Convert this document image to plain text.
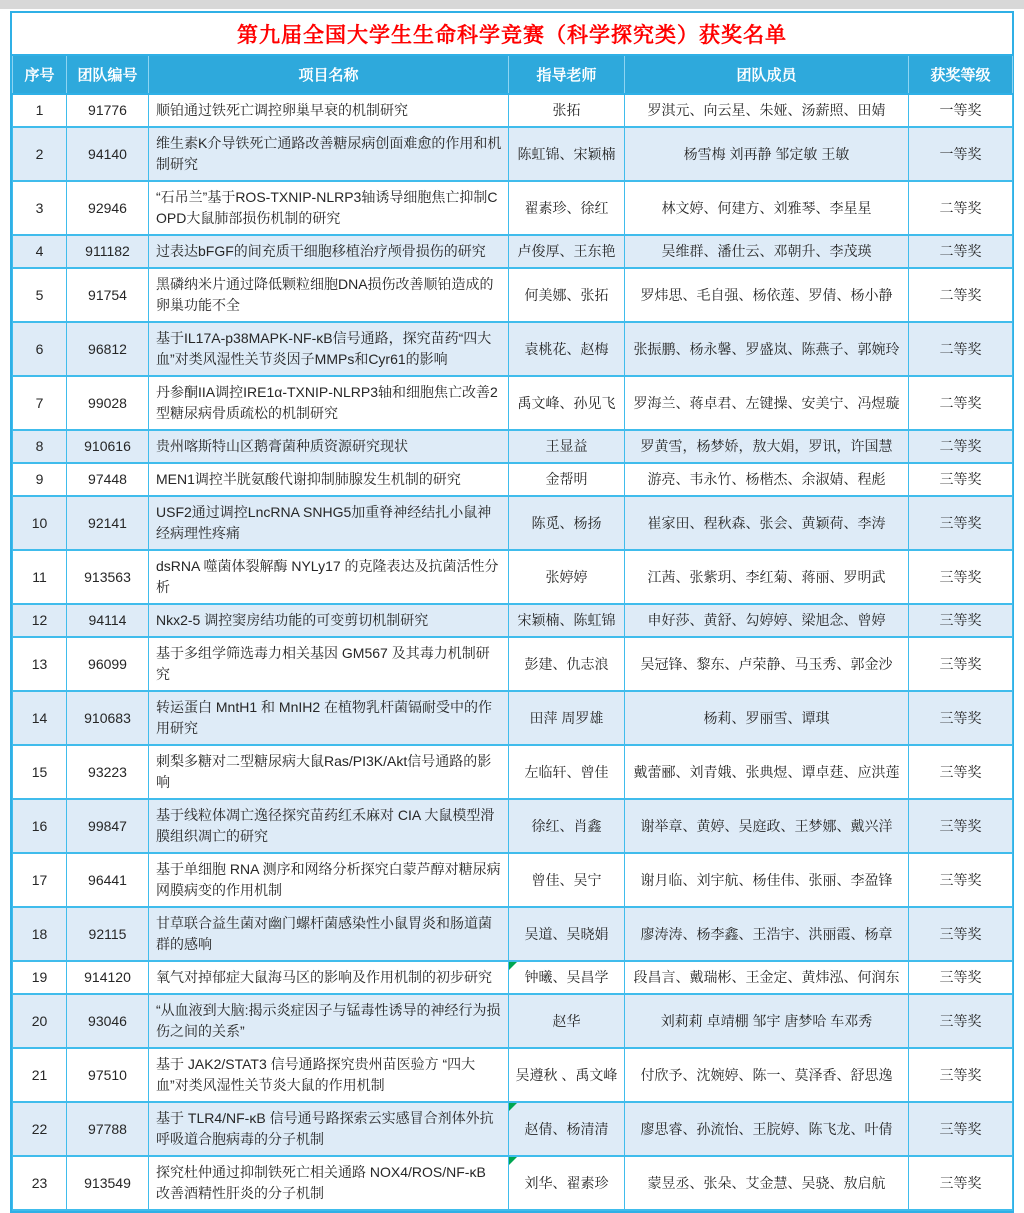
第九届全国大学生生命科学竞赛（科学探究类）获奖名单
序号	团队编号	项目名称	指导老师	团队成员	获奖等级
1	91776	顺铂通过铁死亡调控卵巢早衰的机制研究	张拓	罗淇元、向云星、朱娅、汤薪照、田婧	一等奖
2	94140	维生素K介导铁死亡通路改善糖尿病创面难愈的作用和机制研究	陈虹锦、宋颖楠	杨雪梅 刘再静 邹定敏 王敏	一等奖
3	92946	“石吊兰”基于ROS-TXNIP-NLRP3轴诱导细胞焦亡抑制COPD大鼠肺部损伤机制的研究	翟素珍、徐红	林文婷、何建方、刘雅琴、李星星	二等奖
4	911182	过表达bFGF的间充质干细胞移植治疗颅骨损伤的研究	卢俊厚、王东艳	吴维群、潘仕云、邓朝升、李茂瑛	二等奖
5	91754	黑磷纳米片通过降低颗粒细胞DNA损伤改善顺铂造成的卵巢功能不全	何美娜、张拓	罗炜思、毛自强、杨依莲、罗倩、杨小静	二等奖
6	96812	基于IL17A-p38MAPK-NF-κB信号通路，探究苗药“四大血”对类风湿性关节炎因子MMPs和Cyr61的影响	袁桃花、赵梅	张振鹏、杨永馨、罗盛岚、陈燕子、郭婉玲	二等奖
7	99028	丹参酮IIA调控IRE1α-TXNIP-NLRP3轴和细胞焦亡改善2型糖尿病骨质疏松的机制研究	禹文峰、孙见飞	罗海兰、蒋卓君、左键操、安美宁、冯煜璇	二等奖
8	910616	贵州喀斯特山区鹅膏菌种质资源研究现状	王显益	罗黄雪，杨梦娇，敖大娟，罗讯，许国慧	二等奖
9	97448	MEN1调控半胱氨酸代谢抑制肺腺发生机制的研究	金帮明	游亮、韦永竹、杨楷杰、余淑婧、程彪	三等奖
10	92141	USF2通过调控LncRNA SNHG5加重脊神经结扎小鼠神经病理性疼痛	陈觅、杨扬	崔家田、程秋森、张会、黄颖荷、李涛	三等奖
11	913563	dsRNA 噬菌体裂解酶 NYLy17 的克隆表达及抗菌活性分析	张婷婷	江茜、张紫玥、李红菊、蒋丽、罗明武	三等奖
12	94114	Nkx2-5 调控窦房结功能的可变剪切机制研究	宋颖楠、陈虹锦	申好莎、黄舒、勾婷婷、梁旭念、曾婷	三等奖
13	96099	基于多组学筛选毒力相关基因 GM567 及其毒力机制研究	彭建、仇志浪	吴冠锋、黎东、卢荣静、马玉秀、郭金沙	三等奖
14	910683	转运蛋白 MntH1 和 MnIH2 在植物乳杆菌镉耐受中的作用研究	田萍 周罗雄	杨莉、罗丽雪、谭琪	三等奖
15	93223	刺梨多糖对二型糖尿病大鼠Ras/PI3K/Akt信号通路的影响	左临轩、曾佳	戴蕾郦、刘青娥、张典煜、谭卓莛、应洪莲	三等奖
16	99847	基于线粒体凋亡逸径探究苗药红禾麻对 CIA 大鼠模型滑膜组织凋亡的研究	徐红、肖鑫	谢举章、黄婷、吴庭政、王梦娜、戴兴洋	三等奖
17	96441	基于单细胞 RNA 测序和网络分析探究白蒙芦醇对糖尿病网膜病变的作用机制	曾佳、吴宁	谢月临、刘宇航、杨佳伟、张丽、李盈锋	三等奖
18	92115	甘草联合益生菌对幽门螺杆菌感染性小鼠胃炎和肠道菌群的感响	吴道、吴晓娟	廖涛涛、杨李鑫、王浩宇、洪丽霞、杨章	三等奖
19	914120	氧气对掉郁症大鼠海马区的影响及作用机制的初步研究	钟曦、吴昌学	段昌言、戴瑞彬、王金定、黄炜泓、何润东	三等奖
20	93046	“从血液到大脑:揭示炎症因子与锰毒性诱导的神经行为损伤之间的关系”	赵华	刘莉莉 卓靖棚 邹宇 唐梦哈 车邓秀	三等奖
21	97510	基于 JAK2/STAT3 信号通路探究贵州苗医验方 “四大血”对类风湿性关节炎大鼠的作用机制	吴遵秋 、禹文峰	付欣予、沈婉婷、陈一、莫泽香、舒思逸	三等奖
22	97788	基于 TLR4/NF-κB 信号通号路探索云实感冒合剂体外抗呼吸道合胞病毒的分子机制	赵倩、杨清清	廖思睿、孙流怡、王脘婷、陈飞龙、叶倩	三等奖
23	913549	探究杜仲通过抑制铁死亡相关通路 NOX4/ROS/NF-κB 改善酒精性肝炎的分子机制	刘华、翟素珍	蒙昱丞、张朵、艾金慧、吴骁、敖启航	三等奖
